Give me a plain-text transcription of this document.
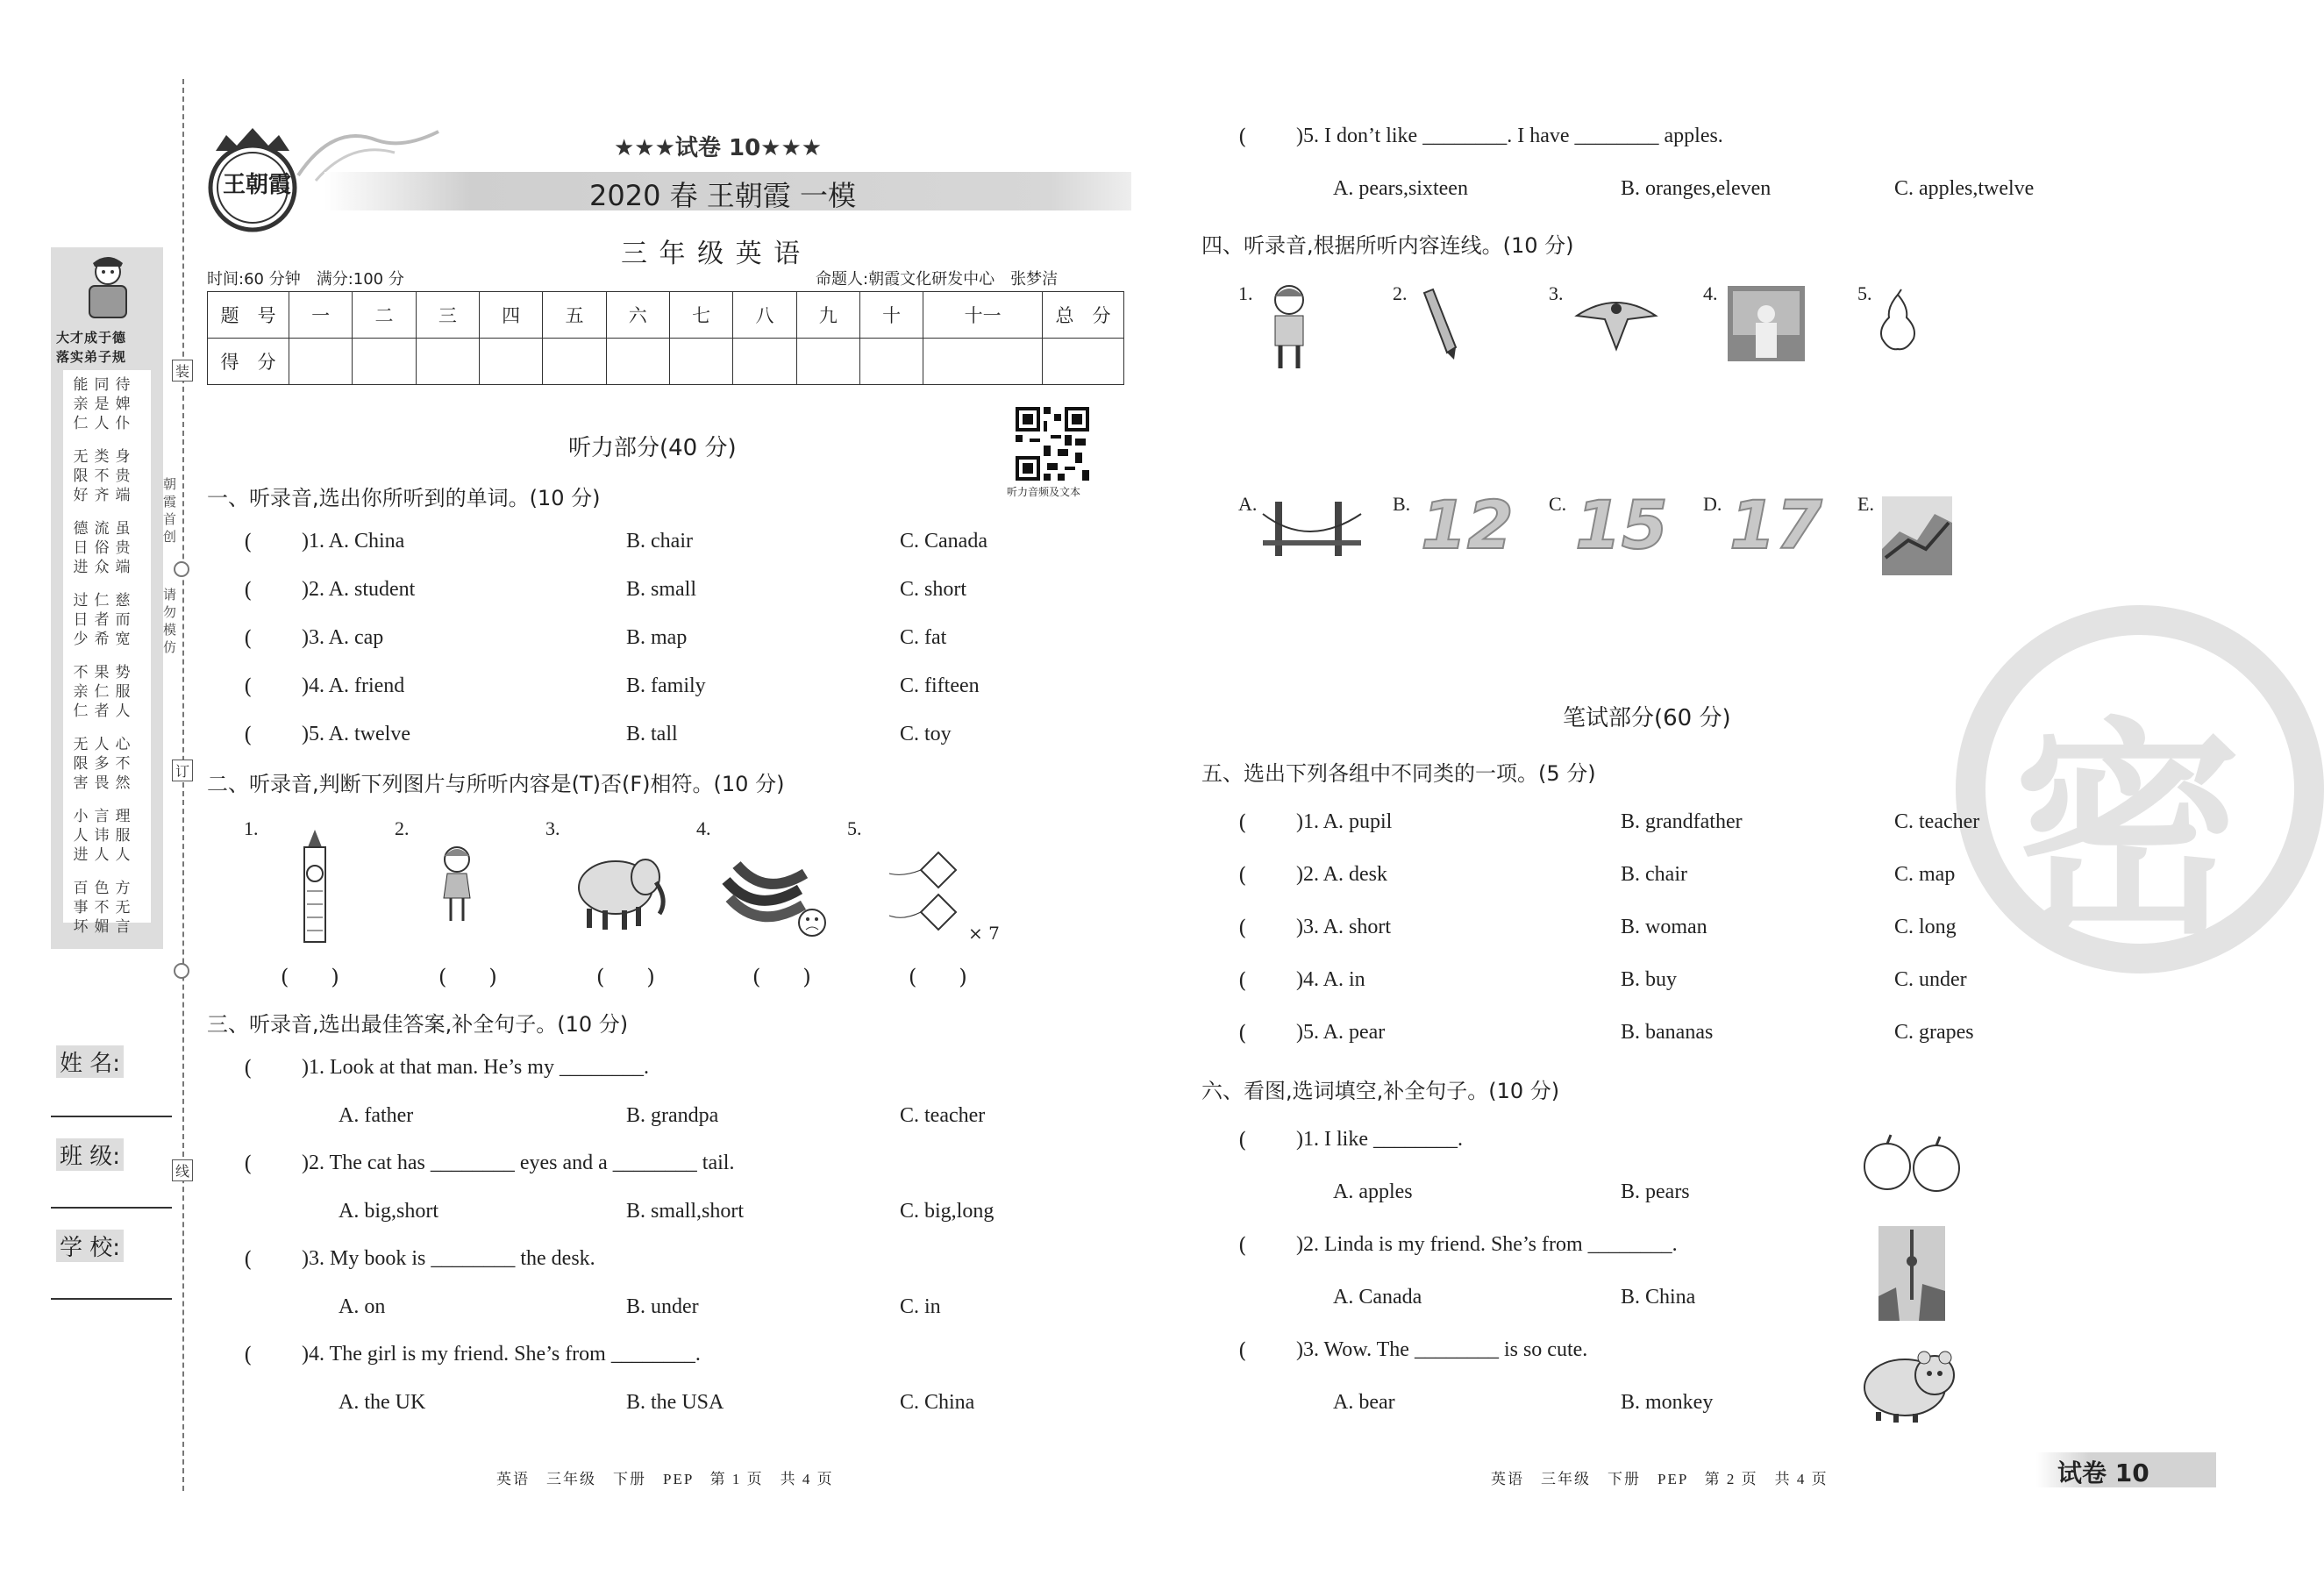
装
订
线
朝霞首创
请勿模仿
大才成于德
落实弟子规
待婢仆
同是人
能亲仁
身贵端
类不齐
无限好
虽贵端
流俗众
德日进
慈而宽
仁者希
过日少
势服人
果仁者
不亲仁
心不然
人多畏
无限害
理服人
言讳人
小人进
方无言
色不媚
百事坏
姓 名:
班 级:
学 校:
王朝霞
★★★试卷 10★★★
2020 春 王朝霞 一模
三 年 级 英 语
时间:60 分钟　满分:100 分	命题人:朝霞文化研发中心　张梦洁
题　号	一	二	三	四	五	六	七	八	九	十	十一	总　分
得　分												
听力音频及文本
听力部分(40 分)
一、听录音,选出你所听到的单词。(10 分)
( )1. A. China	B. chair	C. Canada
( )2. A. student	B. small	C. short
( )3. A. cap	B. map	C. fat
( )4. A. friend	B. family	C. fifteen
( )5. A. twelve	B. tall	C. toy
二、听录音,判断下列图片与所听内容是(T)否(F)相符。(10 分)
1.	2.	3.	4.	5.
× 7
(　　)	(　　)	(　　)	(　　)	(　　)
三、听录音,选出最佳答案,补全句子。(10 分)
( )1. Look at that man. He’s my ________.
A. father	B. grandpa	C. teacher
( )2. The cat has ________ eyes and a ________ tail.
A. big,short	B. small,short	C. big,long
( )3. My book is ________ the desk.
A. on	B. under	C. in
( )4. The girl is my friend. She’s from ________.
A. the UK	B. the USA	C. China
英语　三年级　下册　PEP　第 1 页　共 4 页
( )5. I don’t like ________. I have ________ apples.
A. pears,sixteen	B. oranges,eleven	C. apples,twelve
四、听录音,根据所听内容连线。(10 分)
1.	2.	3.	4.	5.
A.	B.	C.	D.	E.
12 15 17
密
笔试部分(60 分)
五、选出下列各组中不同类的一项。(5 分)
( )1. A. pupil	B. grandfather	C. teacher
( )2. A. desk	B. chair	C. map
( )3. A. short	B. woman	C. long
( )4. A. in	B. buy	C. under
( )5. A. pear	B. bananas	C. grapes
六、看图,选词填空,补全句子。(10 分)
( )1. I like ________.
A. apples	B. pears
( )2. Linda is my friend. She’s from ________.
A. Canada	B. China
( )3. Wow. The ________ is so cute.
A. bear	B. monkey
英语　三年级　下册　PEP　第 2 页　共 4 页	试卷 10
